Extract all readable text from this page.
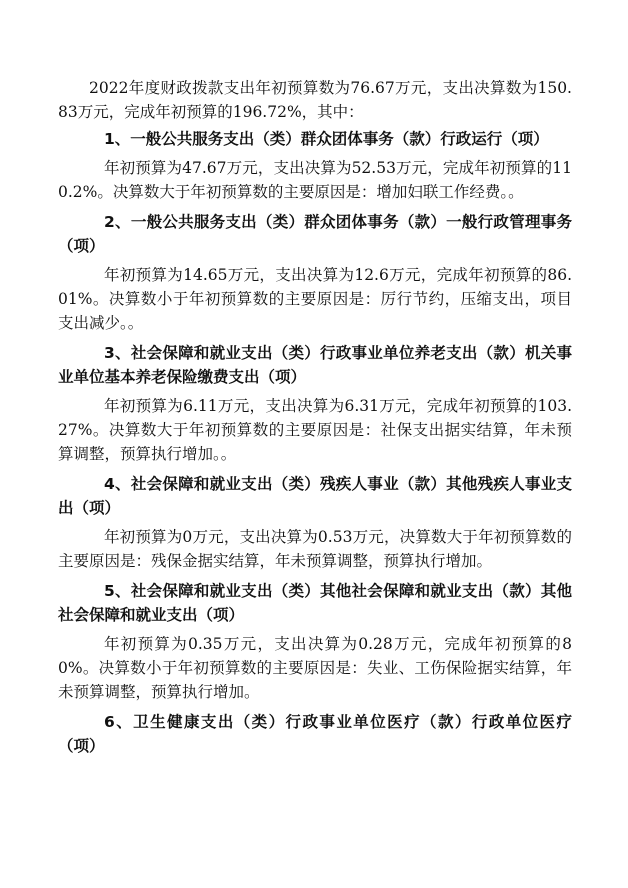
2022年度财政拨款支出年初预算数为76.67万元，支出决算数为150.83万元，完成年初预算的196.72%，其中：

1、一般公共服务支出（类）群众团体事务（款）行政运行（项）

年初预算为47.67万元，支出决算为52.53万元，完成年初预算的110.2%。决算数大于年初预算数的主要原因是：增加妇联工作经费。。

2、一般公共服务支出（类）群众团体事务（款）一般行政管理事务（项）

年初预算为14.65万元，支出决算为12.6万元，完成年初预算的86.01%。决算数小于年初预算数的主要原因是：厉行节约，压缩支出，项目支出减少。。

3、社会保障和就业支出（类）行政事业单位养老支出（款）机关事业单位基本养老保险缴费支出（项）

年初预算为6.11万元，支出决算为6.31万元，完成年初预算的103.27%。决算数大于年初预算数的主要原因是：社保支出据实结算，年未预算调整，预算执行增加。。

4、社会保障和就业支出（类）残疾人事业（款）其他残疾人事业支出（项）

年初预算为0万元，支出决算为0.53万元，决算数大于年初预算数的主要原因是：残保金据实结算，年未预算调整，预算执行增加。

5、社会保障和就业支出（类）其他社会保障和就业支出（款）其他社会保障和就业支出（项）

年初预算为0.35万元，支出决算为0.28万元，完成年初预算的80%。决算数小于年初预算数的主要原因是：失业、工伤保险据实结算，年未预算调整，预算执行增加。

6、卫生健康支出（类）行政事业单位医疗（款）行政单位医疗（项）
